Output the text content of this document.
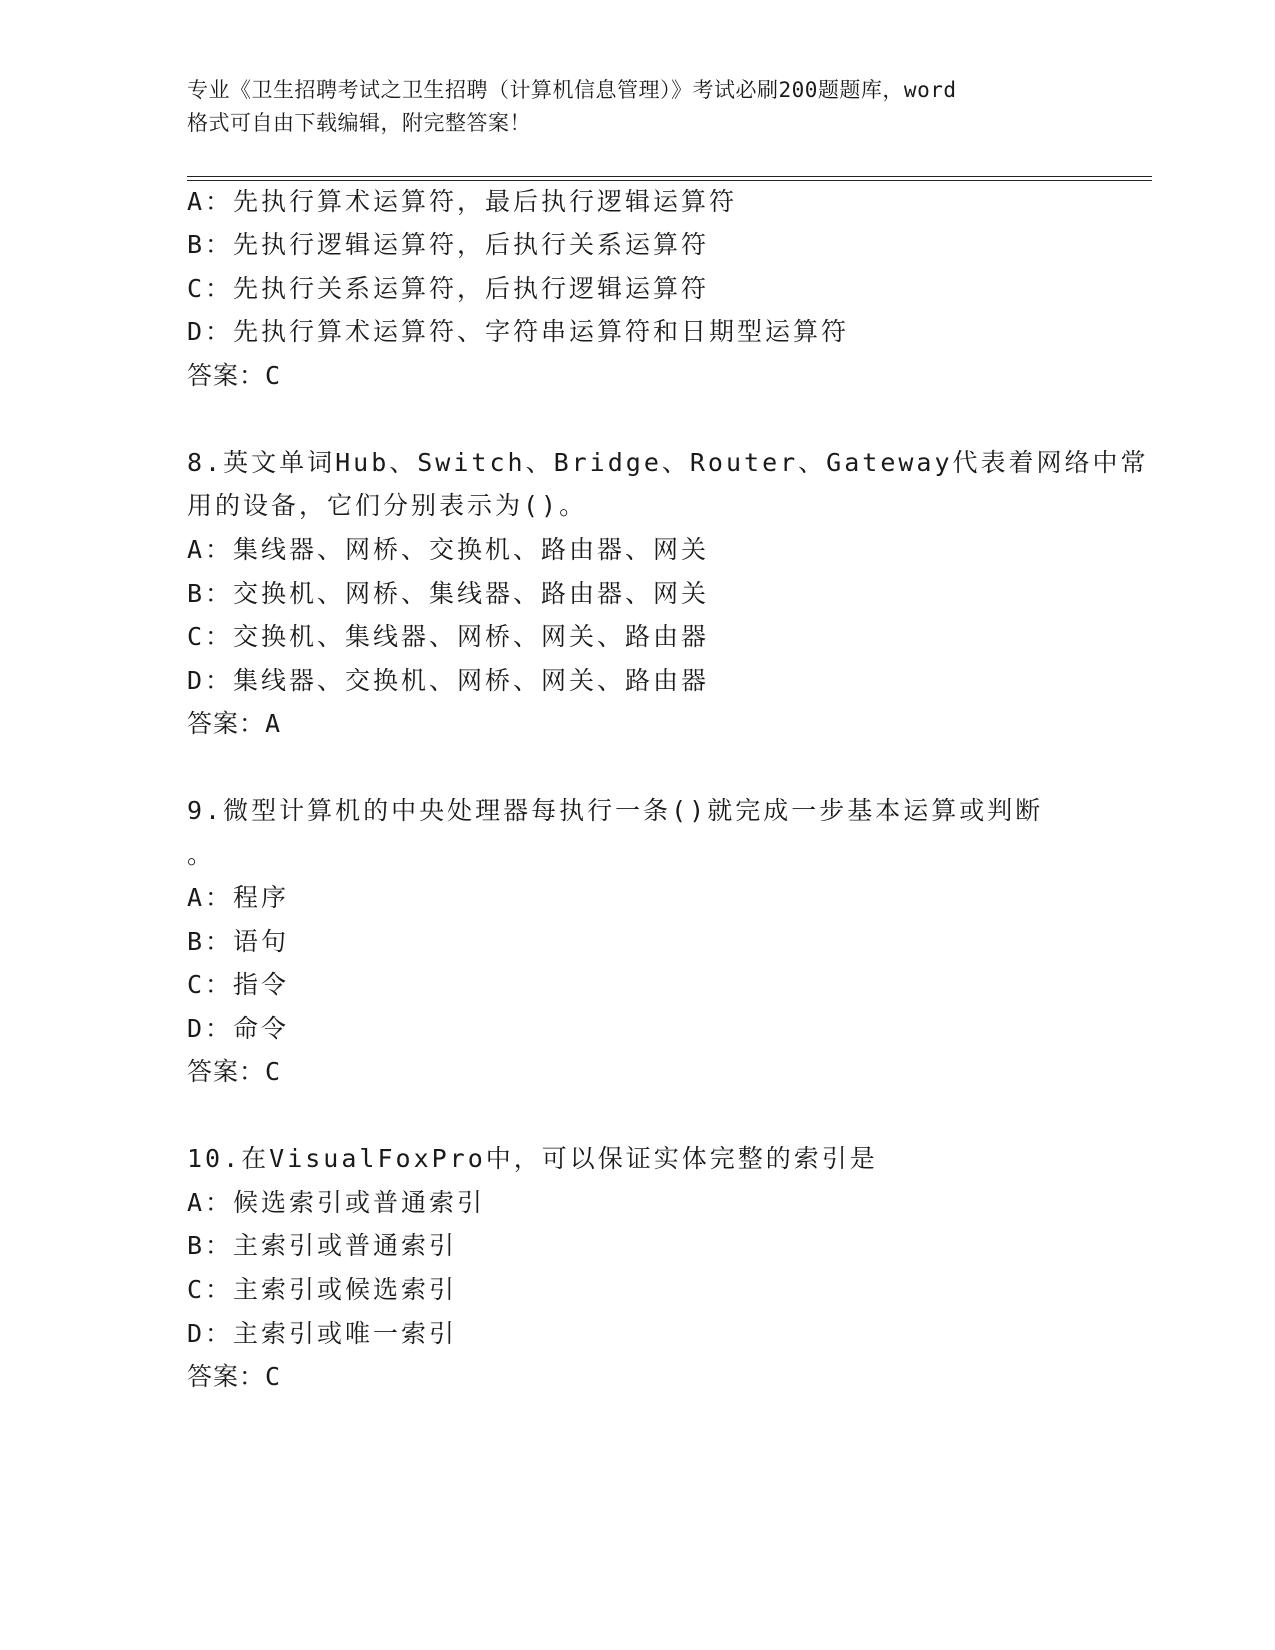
专业《卫生招聘考试之卫生招聘（计算机信息管理）》考试必刷200题题库，word
格式可自由下载编辑，附完整答案！
A：先执行算术运算符，最后执行逻辑运算符
B：先执行逻辑运算符，后执行关系运算符
C：先执行关系运算符，后执行逻辑运算符
D：先执行算术运算符、字符串运算符和日期型运算符
答案：C
8.英文单词Hub、Switch、Bridge、Router、Gateway代表着网络中常
用的设备，它们分别表示为()。
A：集线器、网桥、交换机、路由器、网关
B：交换机、网桥、集线器、路由器、网关
C：交换机、集线器、网桥、网关、路由器
D：集线器、交换机、网桥、网关、路由器
答案：A
9.微型计算机的中央处理器每执行一条()就完成一步基本运算或判断
。
A：程序
B：语句
C：指令
D：命令
答案：C
10.在VisualFoxPro中，可以保证实体完整的索引是
A：候选索引或普通索引
B：主索引或普通索引
C：主索引或候选索引
D：主索引或唯一索引
答案：C
